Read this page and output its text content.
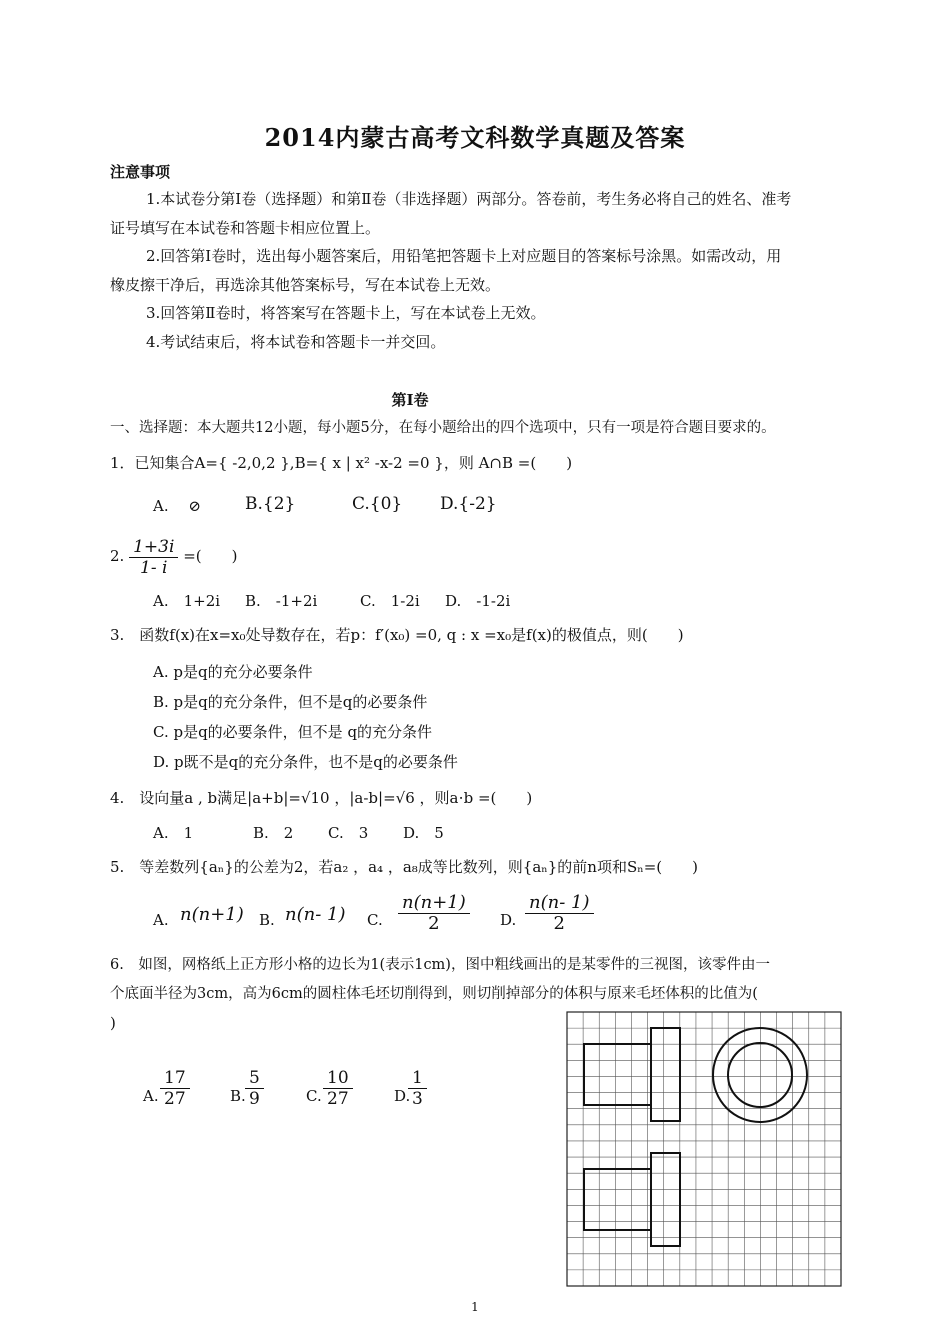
2014内蒙古高考文科数学真题及答案
注意事项
1.本试卷分第Ⅰ卷（选择题）和第Ⅱ卷（非选择题）两部分。答卷前，考生务必将自己的姓名、准考
证号填写在本试卷和答题卡相应位置上。
2.回答第Ⅰ卷时，选出每小题答案后，用铅笔把答题卡上对应题目的答案标号涂黑。如需改动，用
橡皮擦干净后，再选涂其他答案标号，写在本试卷上无效。
3.回答第Ⅱ卷时，将答案写在答题卡上，写在本试卷上无效。
4.考试结束后，将本试卷和答题卡一并交回。
第Ⅰ卷
一、选择题：本大题共12小题，每小题5分，在每小题给出的四个选项中，只有一项是符合题目要求的。
1．已知集合A={ -2,0,2 },B={ x | x² -x-2 =0 }，则 A∩B =(　　)
A.　 ⊘	B.{2}	C.{0} D.{-2}
2. $\frac{1+3i}{1- i}$ =(　　)
A.　1+2i B.　-1+2i	C.　1-2i D.　-1-2i
3.　函数f(x)在x=x₀处导数存在，若p：f′(x₀) =0, q : x =x₀是f(x)的极值点，则(　　)
A. p是q的充分必要条件
B. p是q的充分条件，但不是q的必要条件
C. p是q的必要条件，但不是 q的充分条件
D. p既不是q的充分条件，也不是q的必要条件
4.　设向量a , b满足|a+b|=√10 ，|a-b|=√6 ，则a⋅b =(　　)
A.　1	B.　2 C.　3 D.　5
5.　等差数列{aₙ}的公差为2，若a₂ ，a₄ ，a₈成等比数列，则{aₙ}的前n项和Sₙ=(　　)
A. n(n+1) B. n(n- 1) C. $\frac{n(n+1)}{2} D$. $\frac{n(n- 1)}{2}$
6.　如图，网格纸上正方形小格的边长为1(表示1cm)，图中粗线画出的是某零件的三视图，该零件由一
个底面半径为3cm，高为6cm的圆柱体毛坯切削得到，则切削掉部分的体积与原来毛坯体积的比值为(
)
A. $\frac{17}{27}$	B. $\frac{5}{9}$	C. $\frac{10}{27}$	D.
$\frac{1}{3}$
1
